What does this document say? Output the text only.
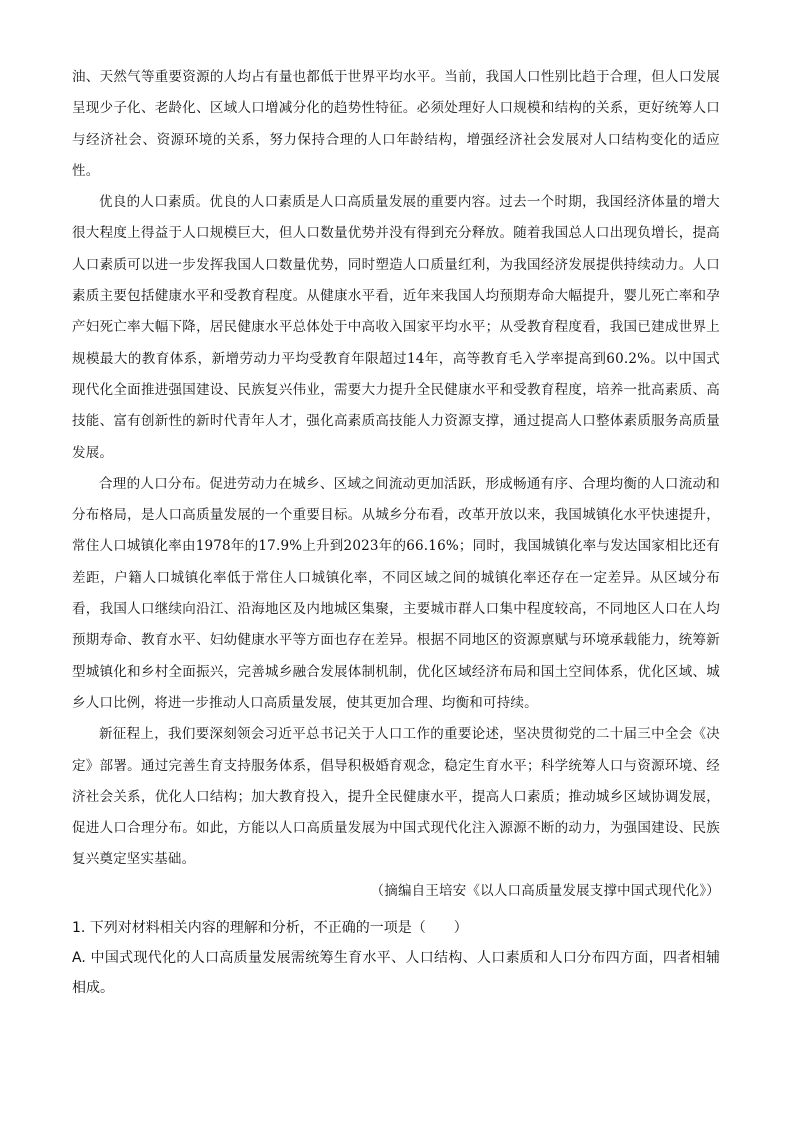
油、天然气等重要资源的人均占有量也都低于世界平均水平。当前，我国人口性别比趋于合理，但人口发展呈现少子化、老龄化、区域人口增减分化的趋势性特征。必须处理好人口规模和结构的关系，更好统筹人口与经济社会、资源环境的关系，努力保持合理的人口年龄结构，增强经济社会发展对人口结构变化的适应性。

优良的人口素质。优良的人口素质是人口高质量发展的重要内容。过去一个时期，我国经济体量的增大很大程度上得益于人口规模巨大，但人口数量优势并没有得到充分释放。随着我国总人口出现负增长，提高人口素质可以进一步发挥我国人口数量优势，同时塑造人口质量红利，为我国经济发展提供持续动力。人口素质主要包括健康水平和受教育程度。从健康水平看，近年来我国人均预期寿命大幅提升，婴儿死亡率和孕产妇死亡率大幅下降，居民健康水平总体处于中高收入国家平均水平；从受教育程度看，我国已建成世界上规模最大的教育体系，新增劳动力平均受教育年限超过14年，高等教育毛入学率提高到60.2%。以中国式现代化全面推进强国建设、民族复兴伟业，需要大力提升全民健康水平和受教育程度，培养一批高素质、高技能、富有创新性的新时代青年人才，强化高素质高技能人力资源支撑，通过提高人口整体素质服务高质量发展。

合理的人口分布。促进劳动力在城乡、区域之间流动更加活跃，形成畅通有序、合理均衡的人口流动和分布格局，是人口高质量发展的一个重要目标。从城乡分布看，改革开放以来，我国城镇化水平快速提升，常住人口城镇化率由1978年的17.9%上升到2023年的66.16%；同时，我国城镇化率与发达国家相比还有差距，户籍人口城镇化率低于常住人口城镇化率，不同区域之间的城镇化率还存在一定差异。从区域分布看，我国人口继续向沿江、沿海地区及内地城区集聚，主要城市群人口集中程度较高，不同地区人口在人均预期寿命、教育水平、妇幼健康水平等方面也存在差异。根据不同地区的资源禀赋与环境承载能力，统筹新型城镇化和乡村全面振兴，完善城乡融合发展体制机制，优化区域经济布局和国土空间体系，优化区域、城乡人口比例，将进一步推动人口高质量发展，使其更加合理、均衡和可持续。

新征程上，我们要深刻领会习近平总书记关于人口工作的重要论述，坚决贯彻党的二十届三中全会《决定》部署。通过完善生育支持服务体系，倡导积极婚育观念，稳定生育水平；科学统筹人口与资源环境、经济社会关系，优化人口结构；加大教育投入，提升全民健康水平，提高人口素质；推动城乡区域协调发展，促进人口合理分布。如此，方能以人口高质量发展为中国式现代化注入源源不断的动力，为强国建设、民族复兴奠定坚实基础。

（摘编自王培安《以人口高质量发展支撑中国式现代化》）

1. 下列对材料相关内容的理解和分析，不正确的一项是（　　）

A. 中国式现代化的人口高质量发展需统筹生育水平、人口结构、人口素质和人口分布四方面，四者相辅相成。
